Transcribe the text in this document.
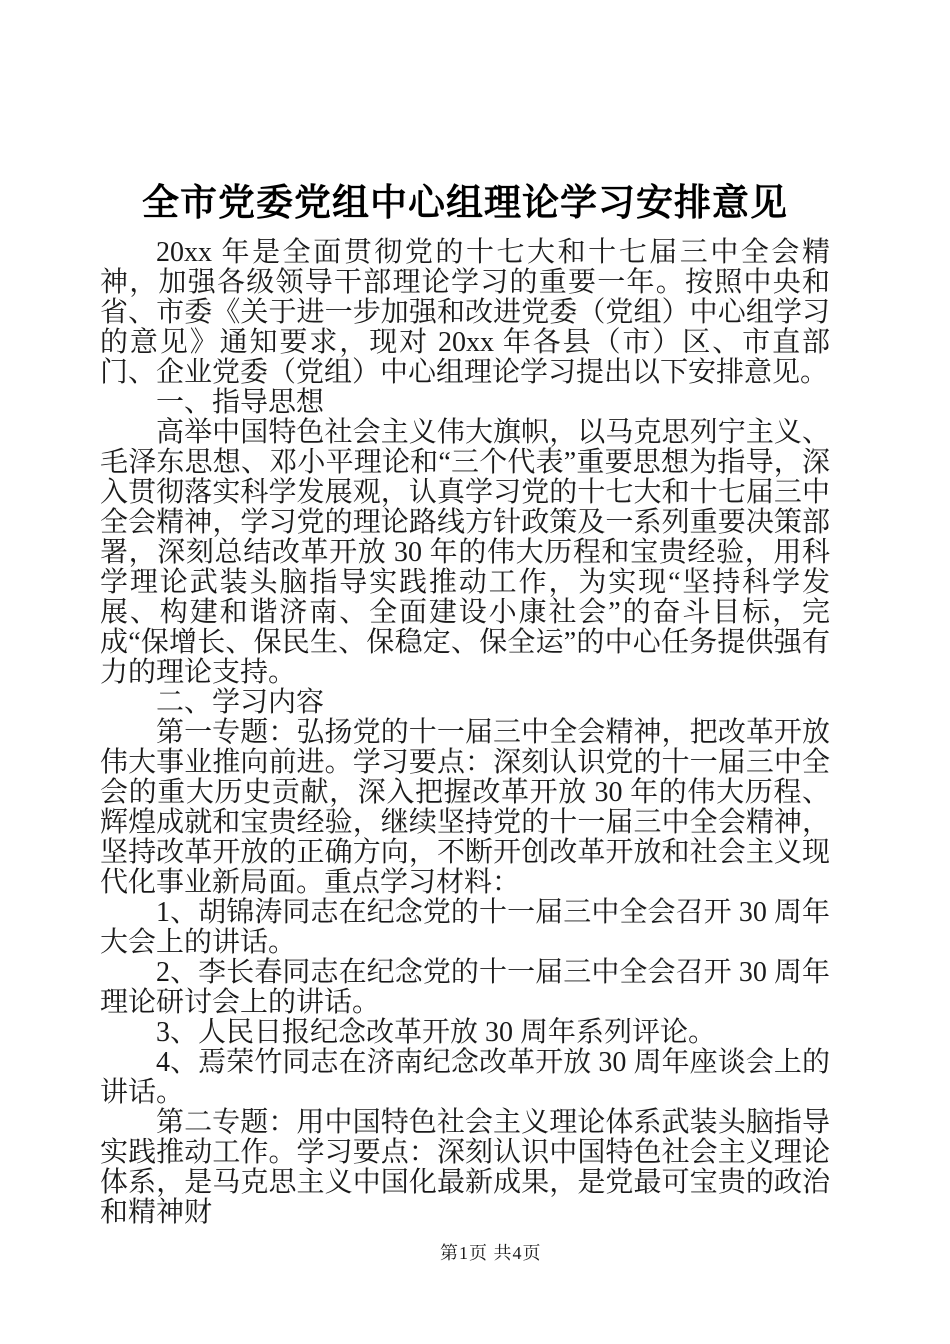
全市党委党组中心组理论学习安排意见

20xx 年是全面贯彻党的十七大和十七届三中全会精神，加强各级领导干部理论学习的重要一年。按照中央和省、市委《关于进一步加强和改进党委（党组）中心组学习的意见》通知要求，现对 20xx 年各县（市）区、市直部门、企业党委（党组）中心组理论学习提出以下安排意见。

一、指导思想

高举中国特色社会主义伟大旗帜，以马克思列宁主义、毛泽东思想、邓小平理论和“三个代表”重要思想为指导，深入贯彻落实科学发展观，认真学习党的十七大和十七届三中全会精神，学习党的理论路线方针政策及一系列重要决策部署，深刻总结改革开放 30 年的伟大历程和宝贵经验，用科学理论武装头脑指导实践推动工作，为实现“坚持科学发展、构建和谐济南、全面建设小康社会”的奋斗目标，完成“保增长、保民生、保稳定、保全运”的中心任务提供强有力的理论支持。

二、学习内容

第一专题：弘扬党的十一届三中全会精神，把改革开放伟大事业推向前进。学习要点：深刻认识党的十一届三中全会的重大历史贡献，深入把握改革开放 30 年的伟大历程、辉煌成就和宝贵经验，继续坚持党的十一届三中全会精神，坚持改革开放的正确方向，不断开创改革开放和社会主义现代化事业新局面。重点学习材料：

1、胡锦涛同志在纪念党的十一届三中全会召开 30 周年大会上的讲话。

2、李长春同志在纪念党的十一届三中全会召开 30 周年理论研讨会上的讲话。

3、人民日报纪念改革开放 30 周年系列评论。

4、焉荣竹同志在济南纪念改革开放 30 周年座谈会上的讲话。

第二专题：用中国特色社会主义理论体系武装头脑指导实践推动工作。学习要点：深刻认识中国特色社会主义理论体系，是马克思主义中国化最新成果，是党最可宝贵的政治和精神财

第1页 共4页
